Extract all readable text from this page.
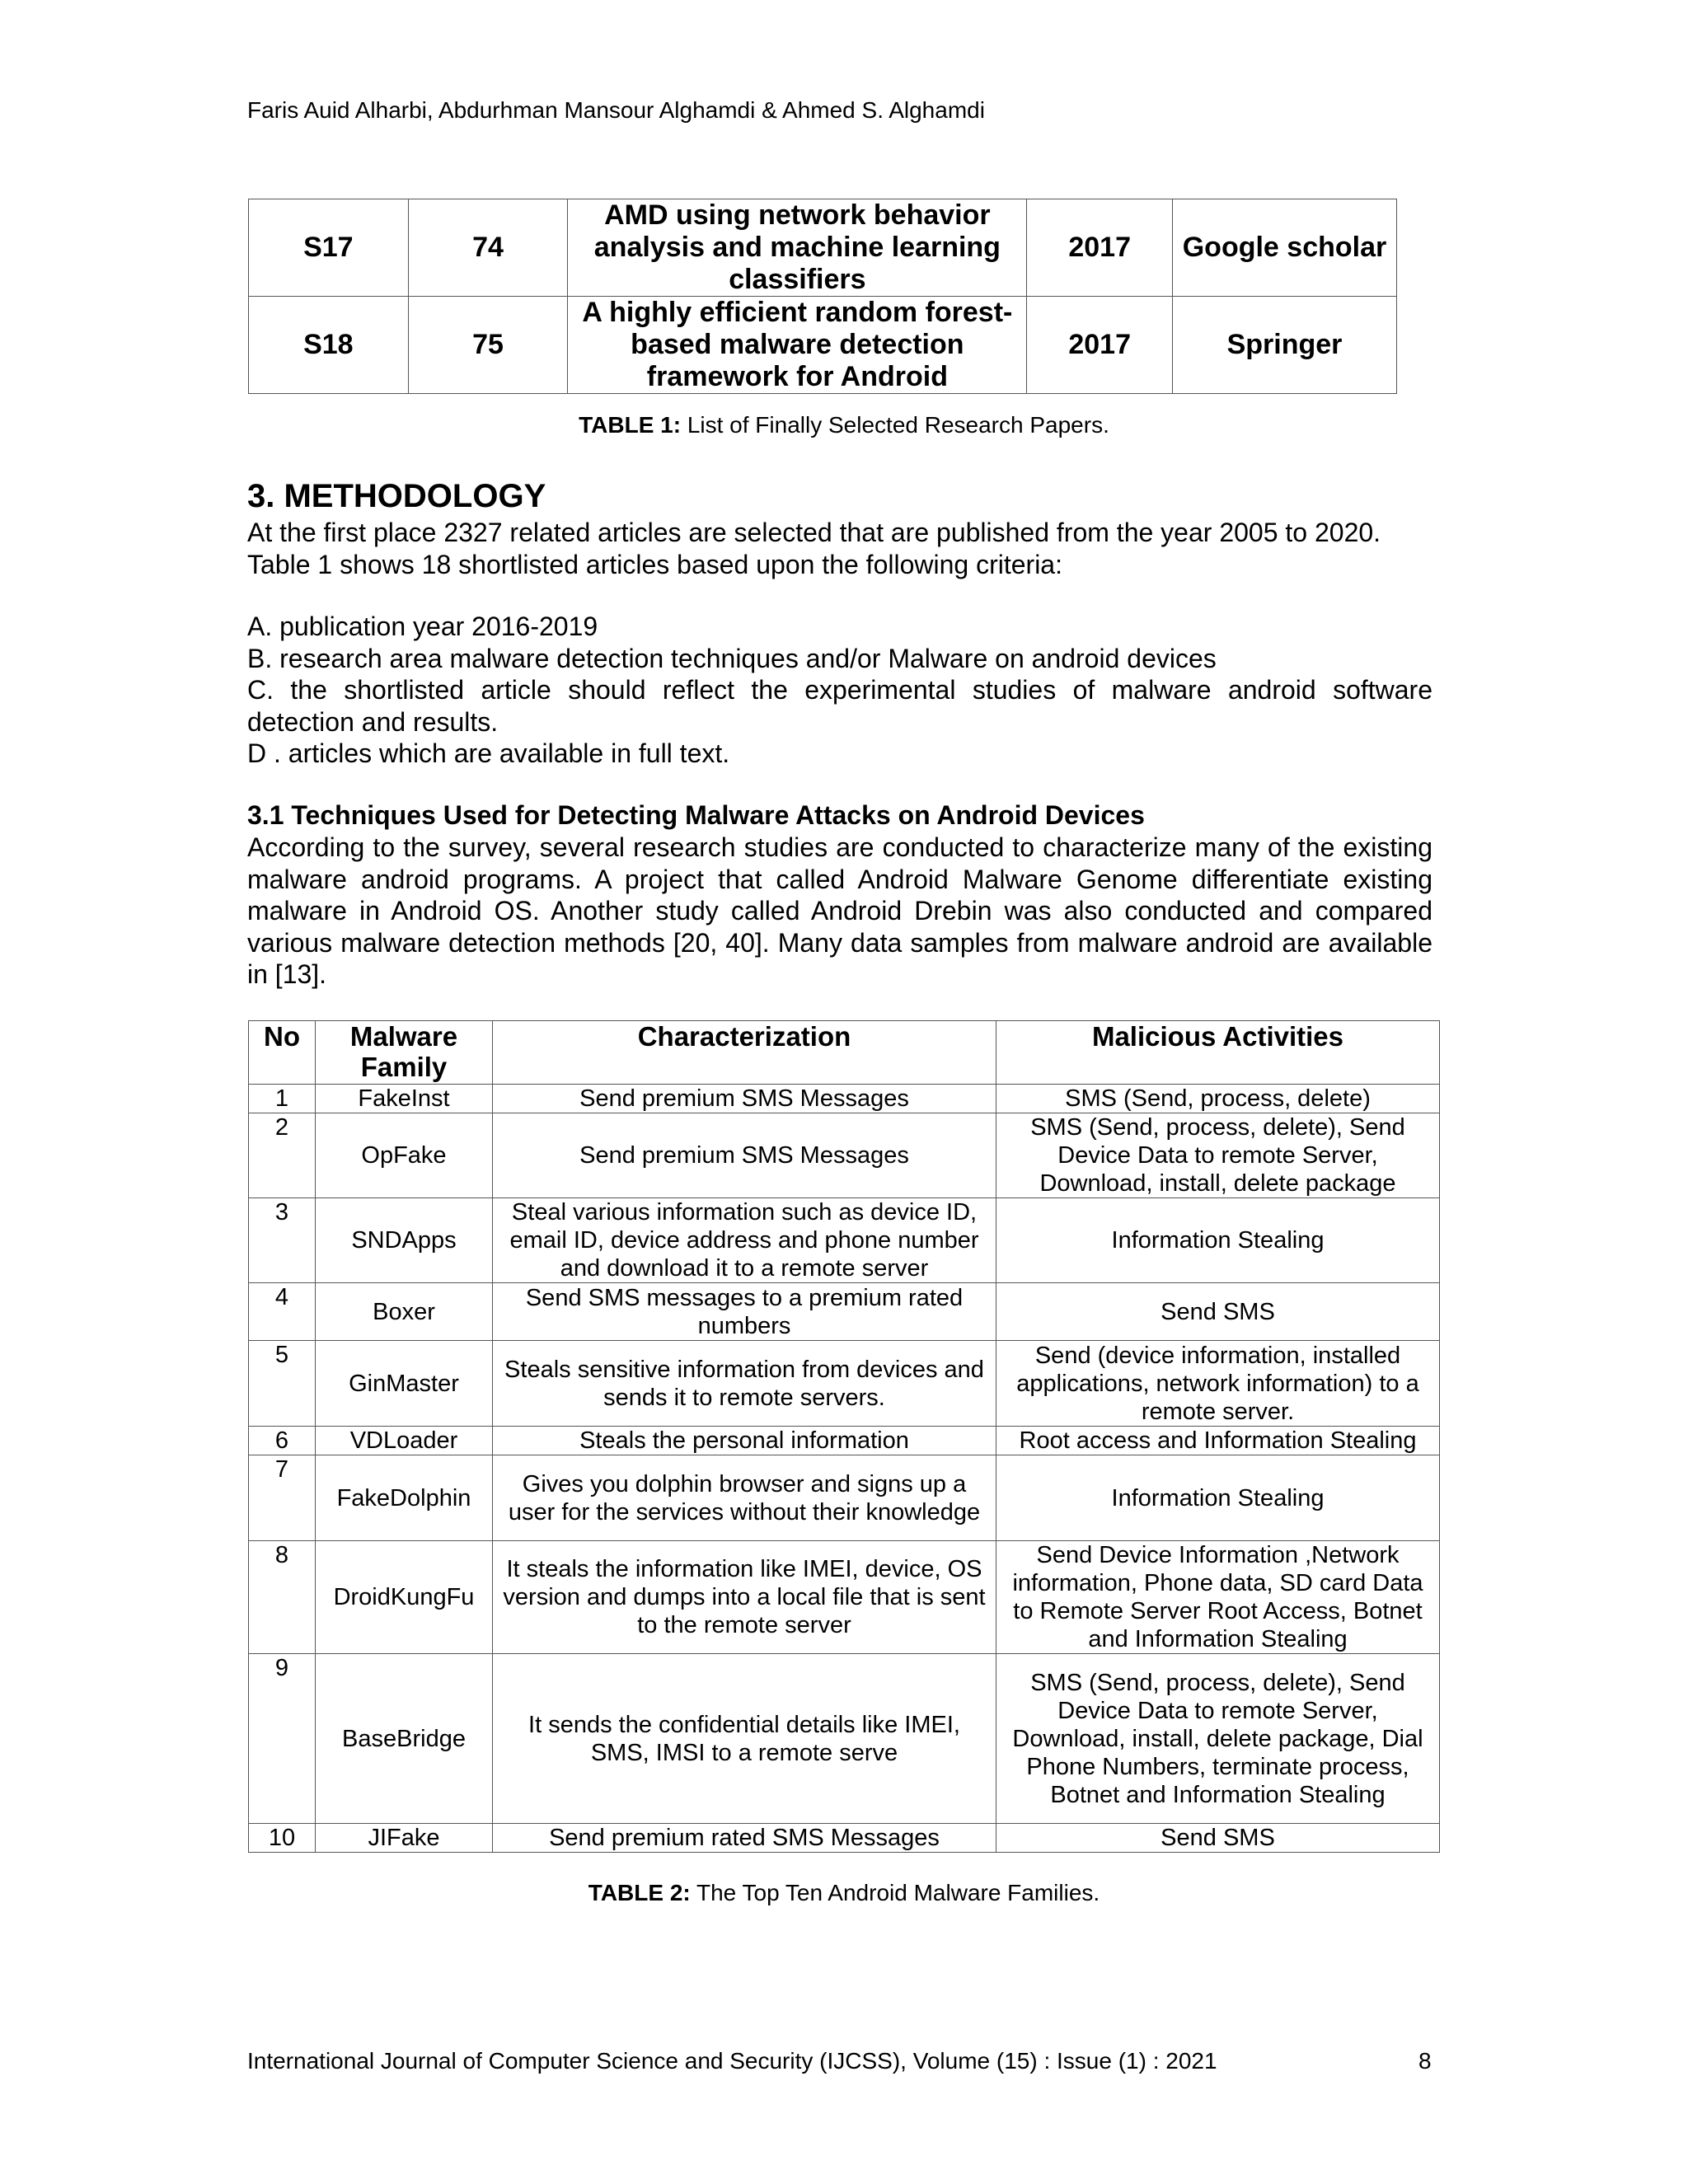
Faris Auid Alharbi, Abdurhman Mansour Alghamdi & Ahmed S. Alghamdi
S17	74	AMD using network behavior analysis and machine learning classifiers	2017	Google scholar
S18	75	A highly efficient random forest-based malware detection framework for Android	2017	Springer
TABLE 1: List of Finally Selected Research Papers.
3. METHODOLOGY

At the first place 2327 related articles are selected that are published from the year 2005 to 2020.

Table 1 shows 18 shortlisted articles based upon the following criteria:

A. publication year 2016-2019

B. research area malware detection techniques and/or Malware on android devices

C. the shortlisted article should reflect the experimental studies of malware android software detection and results.

D . articles which are available in full text.

3.1 Techniques Used for Detecting Malware Attacks on Android Devices

According to the survey, several research studies are conducted to characterize many of the existing malware android programs. A project that called Android Malware Genome differentiate existing malware in Android OS. Another study called Android Drebin was also conducted and compared various malware detection methods [20, 40]. Many data samples from malware android are available in [13].

No	Malware Family	Characterization	Malicious Activities
1	FakeInst	Send premium SMS Messages	SMS (Send, process, delete)
2	OpFake	Send premium SMS Messages	SMS (Send, process, delete), Send Device Data to remote Server, Download, install, delete package
3	SNDApps	Steal various information such as device ID, email ID, device address and phone number and download it to a remote server	Information Stealing
4	Boxer	Send SMS messages to a premium rated numbers	Send SMS
5	GinMaster	Steals sensitive information from devices and sends it to remote servers.	Send (device information, installed applications, network information) to a remote server.
6	VDLoader	Steals the personal information	Root access and Information Stealing
7	FakeDolphin	Gives you dolphin browser and signs up a user for the services without their knowledge	Information Stealing
8	DroidKungFu	It steals the information like IMEI, device, OS version and dumps into a local file that is sent to the remote server	Send Device Information ,Network information, Phone data, SD card Data to Remote Server Root Access, Botnet and Information Stealing
9	BaseBridge	It sends the confidential details like IMEI, SMS, IMSI to a remote serve	SMS (Send, process, delete), Send Device Data to remote Server, Download, install, delete package, Dial Phone Numbers, terminate process, Botnet and Information Stealing
10	JIFake	Send premium rated SMS Messages	Send SMS
TABLE 2: The Top Ten Android Malware Families.
International Journal of Computer Science and Security (IJCSS), Volume (15) : Issue (1) : 2021	8
